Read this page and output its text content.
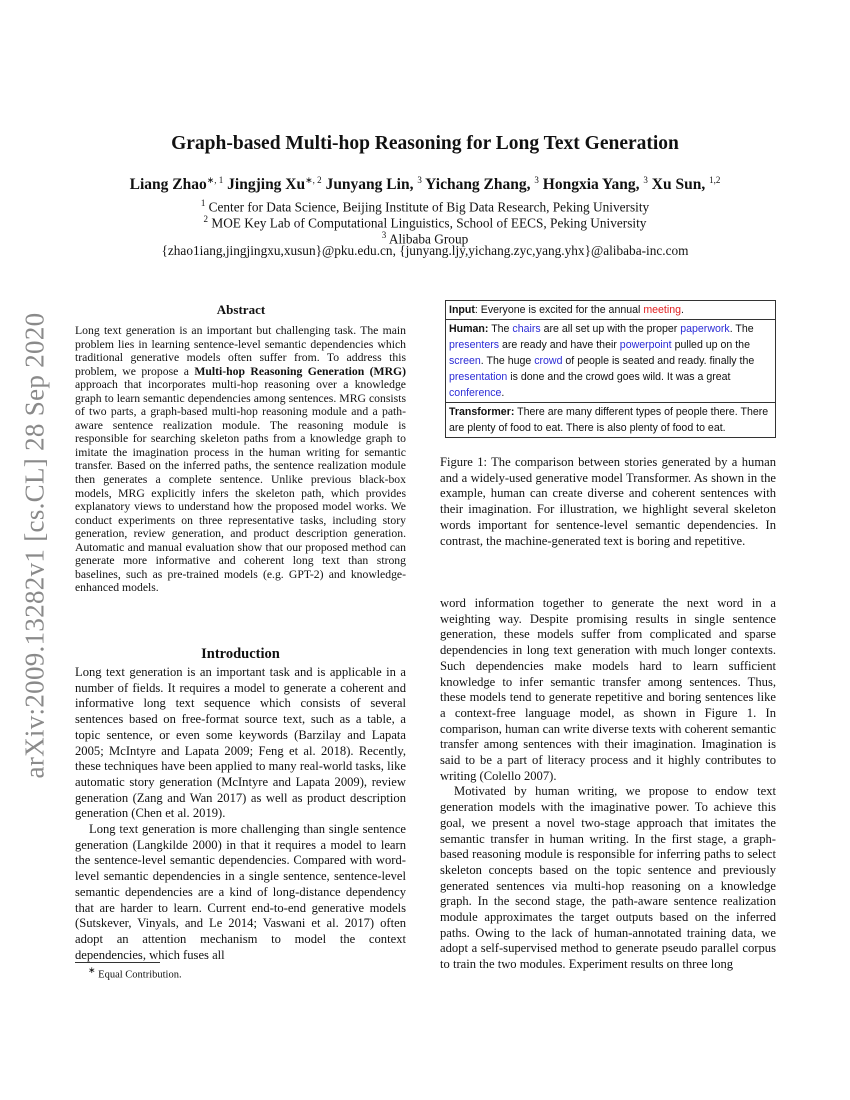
Graph-based Multi-hop Reasoning for Long Text Generation
Liang Zhao$^{∗, 1}$ Jingjing $Xu^{∗, 2}$ Junyang Lin, $^3$ Yichang Zhang, $^3$ Hongxia Yang, $^3$ Xu Sun, $^{1,2}$
$^1$ Center for Data Science, Beijing Institute of Big Data Research, Peking University
$^2$ MOE Key Lab of Computational Linguistics, School of EECS, Peking University
$^3$ Alibaba Group
{zhao1iang,jingjingxu,xusun}@pku.edu.cn, {junyang.ljy,yichang.zyc,yang.yhx}@alibaba-inc.com
arXiv:2009.13282v1 [cs.CL] 28 Sep 2020
Abstract

Long text generation is an important but challenging task. The main problem lies in learning sentence-level semantic dependencies which traditional generative models often suffer from. To address this problem, we propose a Multi-hop Reasoning Generation (MRG) approach that incorporates multi-hop reasoning over a knowledge graph to learn semantic dependencies among sentences. MRG consists of two parts, a graph-based multi-hop reasoning module and a path-aware sentence realization module. The reasoning module is responsible for searching skeleton paths from a knowledge graph to imitate the imagination process in the human writing for semantic transfer. Based on the inferred paths, the sentence realization module then generates a complete sentence. Unlike previous black-box models, MRG explicitly infers the skeleton path, which provides explanatory views to understand how the proposed model works. We conduct experiments on three representative tasks, including story generation, review generation, and product description generation. Automatic and manual evaluation show that our proposed method can generate more informative and coherent long text than strong baselines, such as pre-trained models (e.g. GPT-2) and knowledge-enhanced models.

Introduction

Long text generation is an important task and is applicable in a number of fields. It requires a model to generate a coherent and informative long text sequence which consists of several sentences based on free-format source text, such as a table, a topic sentence, or even some keywords (Barzilay and Lapata 2005; McIntyre and Lapata 2009; Feng et al. 2018). Recently, these techniques have been applied to many real-world tasks, like automatic story generation (McIntyre and Lapata 2009), review generation (Zang and Wan 2017) as well as product description generation (Chen et al. 2019).

Long text generation is more challenging than single sentence generation (Langkilde 2000) in that it requires a model to learn the sentence-level semantic dependencies. Compared with word-level semantic dependencies in a single sentence, sentence-level semantic dependencies are a kind of long-distance dependency that are harder to learn. Current end-to-end generative models (Sutskever, Vinyals, and Le 2014; Vaswani et al. 2017) often adopt an attention mechanism to model the context dependencies, which fuses all

∗ Equal Contribution.
Input: Everyone is excited for the annual meeting.
Human: The chairs are all set up with the proper paperwork. The presenters are ready and have their powerpoint pulled up on the screen. The huge crowd of people is seated and ready. finally the presentation is done and the crowd goes wild. It was a great conference.
Transformer: There are many different types of people there. There are plenty of food to eat. There is also plenty of food to eat.
Figure 1: The comparison between stories generated by a human and a widely-used generative model Transformer. As shown in the example, human can create diverse and coherent sentences with their imagination. For illustration, we highlight several skeleton words important for sentence-level semantic dependencies. In contrast, the machine-generated text is boring and repetitive.

word information together to generate the next word in a weighting way. Despite promising results in single sentence generation, these models suffer from complicated and sparse dependencies in long text generation with much longer contexts. Such dependencies make models hard to learn sufficient knowledge to infer semantic transfer among sentences. Thus, these models tend to generate repetitive and boring sentences like a context-free language model, as shown in Figure 1. In comparison, human can write diverse texts with coherent semantic transfer among sentences with their imagination. Imagination is said to be a part of literacy process and it highly contributes to writing (Colello 2007).

Motivated by human writing, we propose to endow text generation models with the imaginative power. To achieve this goal, we present a novel two-stage approach that imitates the semantic transfer in human writing. In the first stage, a graph-based reasoning module is responsible for inferring paths to select skeleton concepts based on the topic sentence and previously generated sentences via multi-hop reasoning on a knowledge graph. In the second stage, the path-aware sentence realization module approximates the target outputs based on the inferred paths. Owing to the lack of human-annotated training data, we adopt a self-supervised method to generate pseudo parallel corpus to train the two modules. Experiment results on three long
